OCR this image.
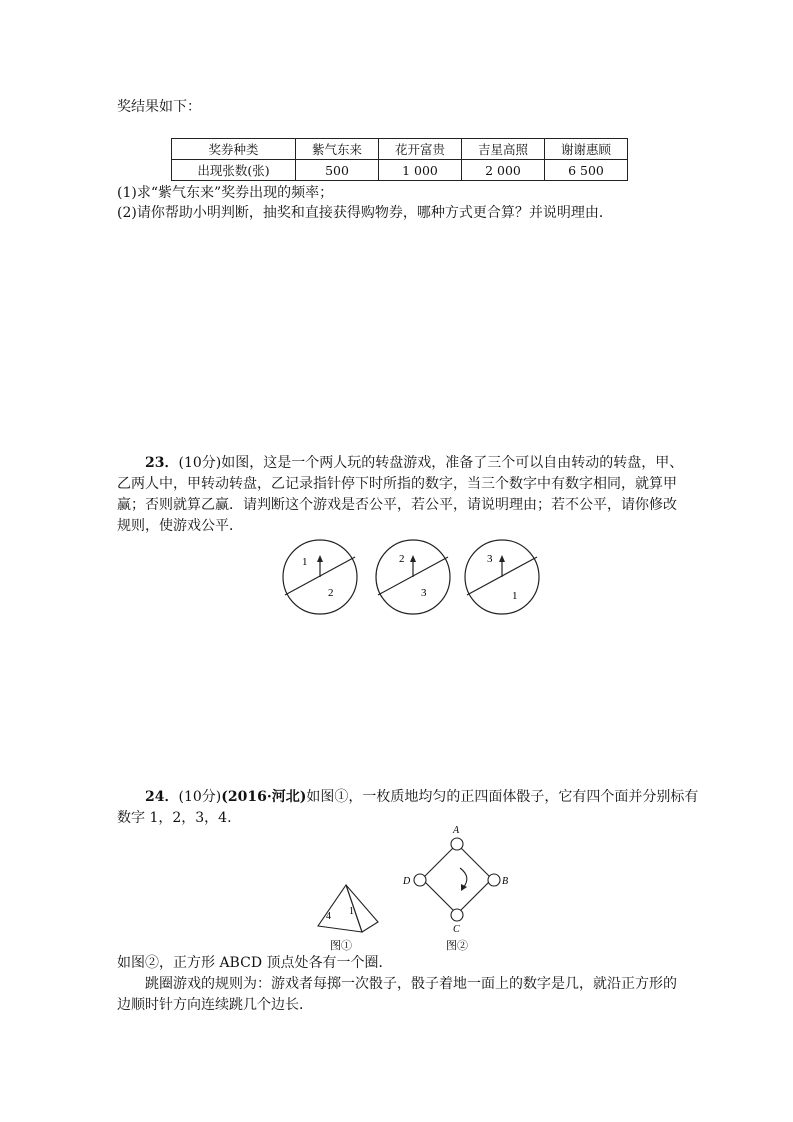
奖结果如下：
奖券种类	紫气东来	花开富贵	吉星高照	谢谢惠顾
出现张数(张)	500	1 000	2 000	6 500
(1)求“紫气东来”奖券出现的频率；
(2)请你帮助小明判断，抽奖和直接获得购物券，哪种方式更合算？并说明理由．
23．(10分)如图，这是一个两人玩的转盘游戏，准备了三个可以自由转动的转盘，甲、
乙两人中，甲转动转盘，乙记录指针停下时所指的数字，当三个数字中有数字相同，就算甲
赢；否则就算乙赢．请判断这个游戏是否公平，若公平，请说明理由；若不公平，请你修改
规则，使游戏公平．
1
2
2
3
3
1
24．(10分)(2016·河北)如图①，一枚质地均匀的正四面体骰子，它有四个面并分别标有
数字 1，2，3，4.
4 1
图①
A
B
C
D
图②
如图②，正方形 ABCD 顶点处各有一个圈．
跳圈游戏的规则为：游戏者每掷一次骰子，骰子着地一面上的数字是几，就沿正方形的
边顺时针方向连续跳几个边长．
